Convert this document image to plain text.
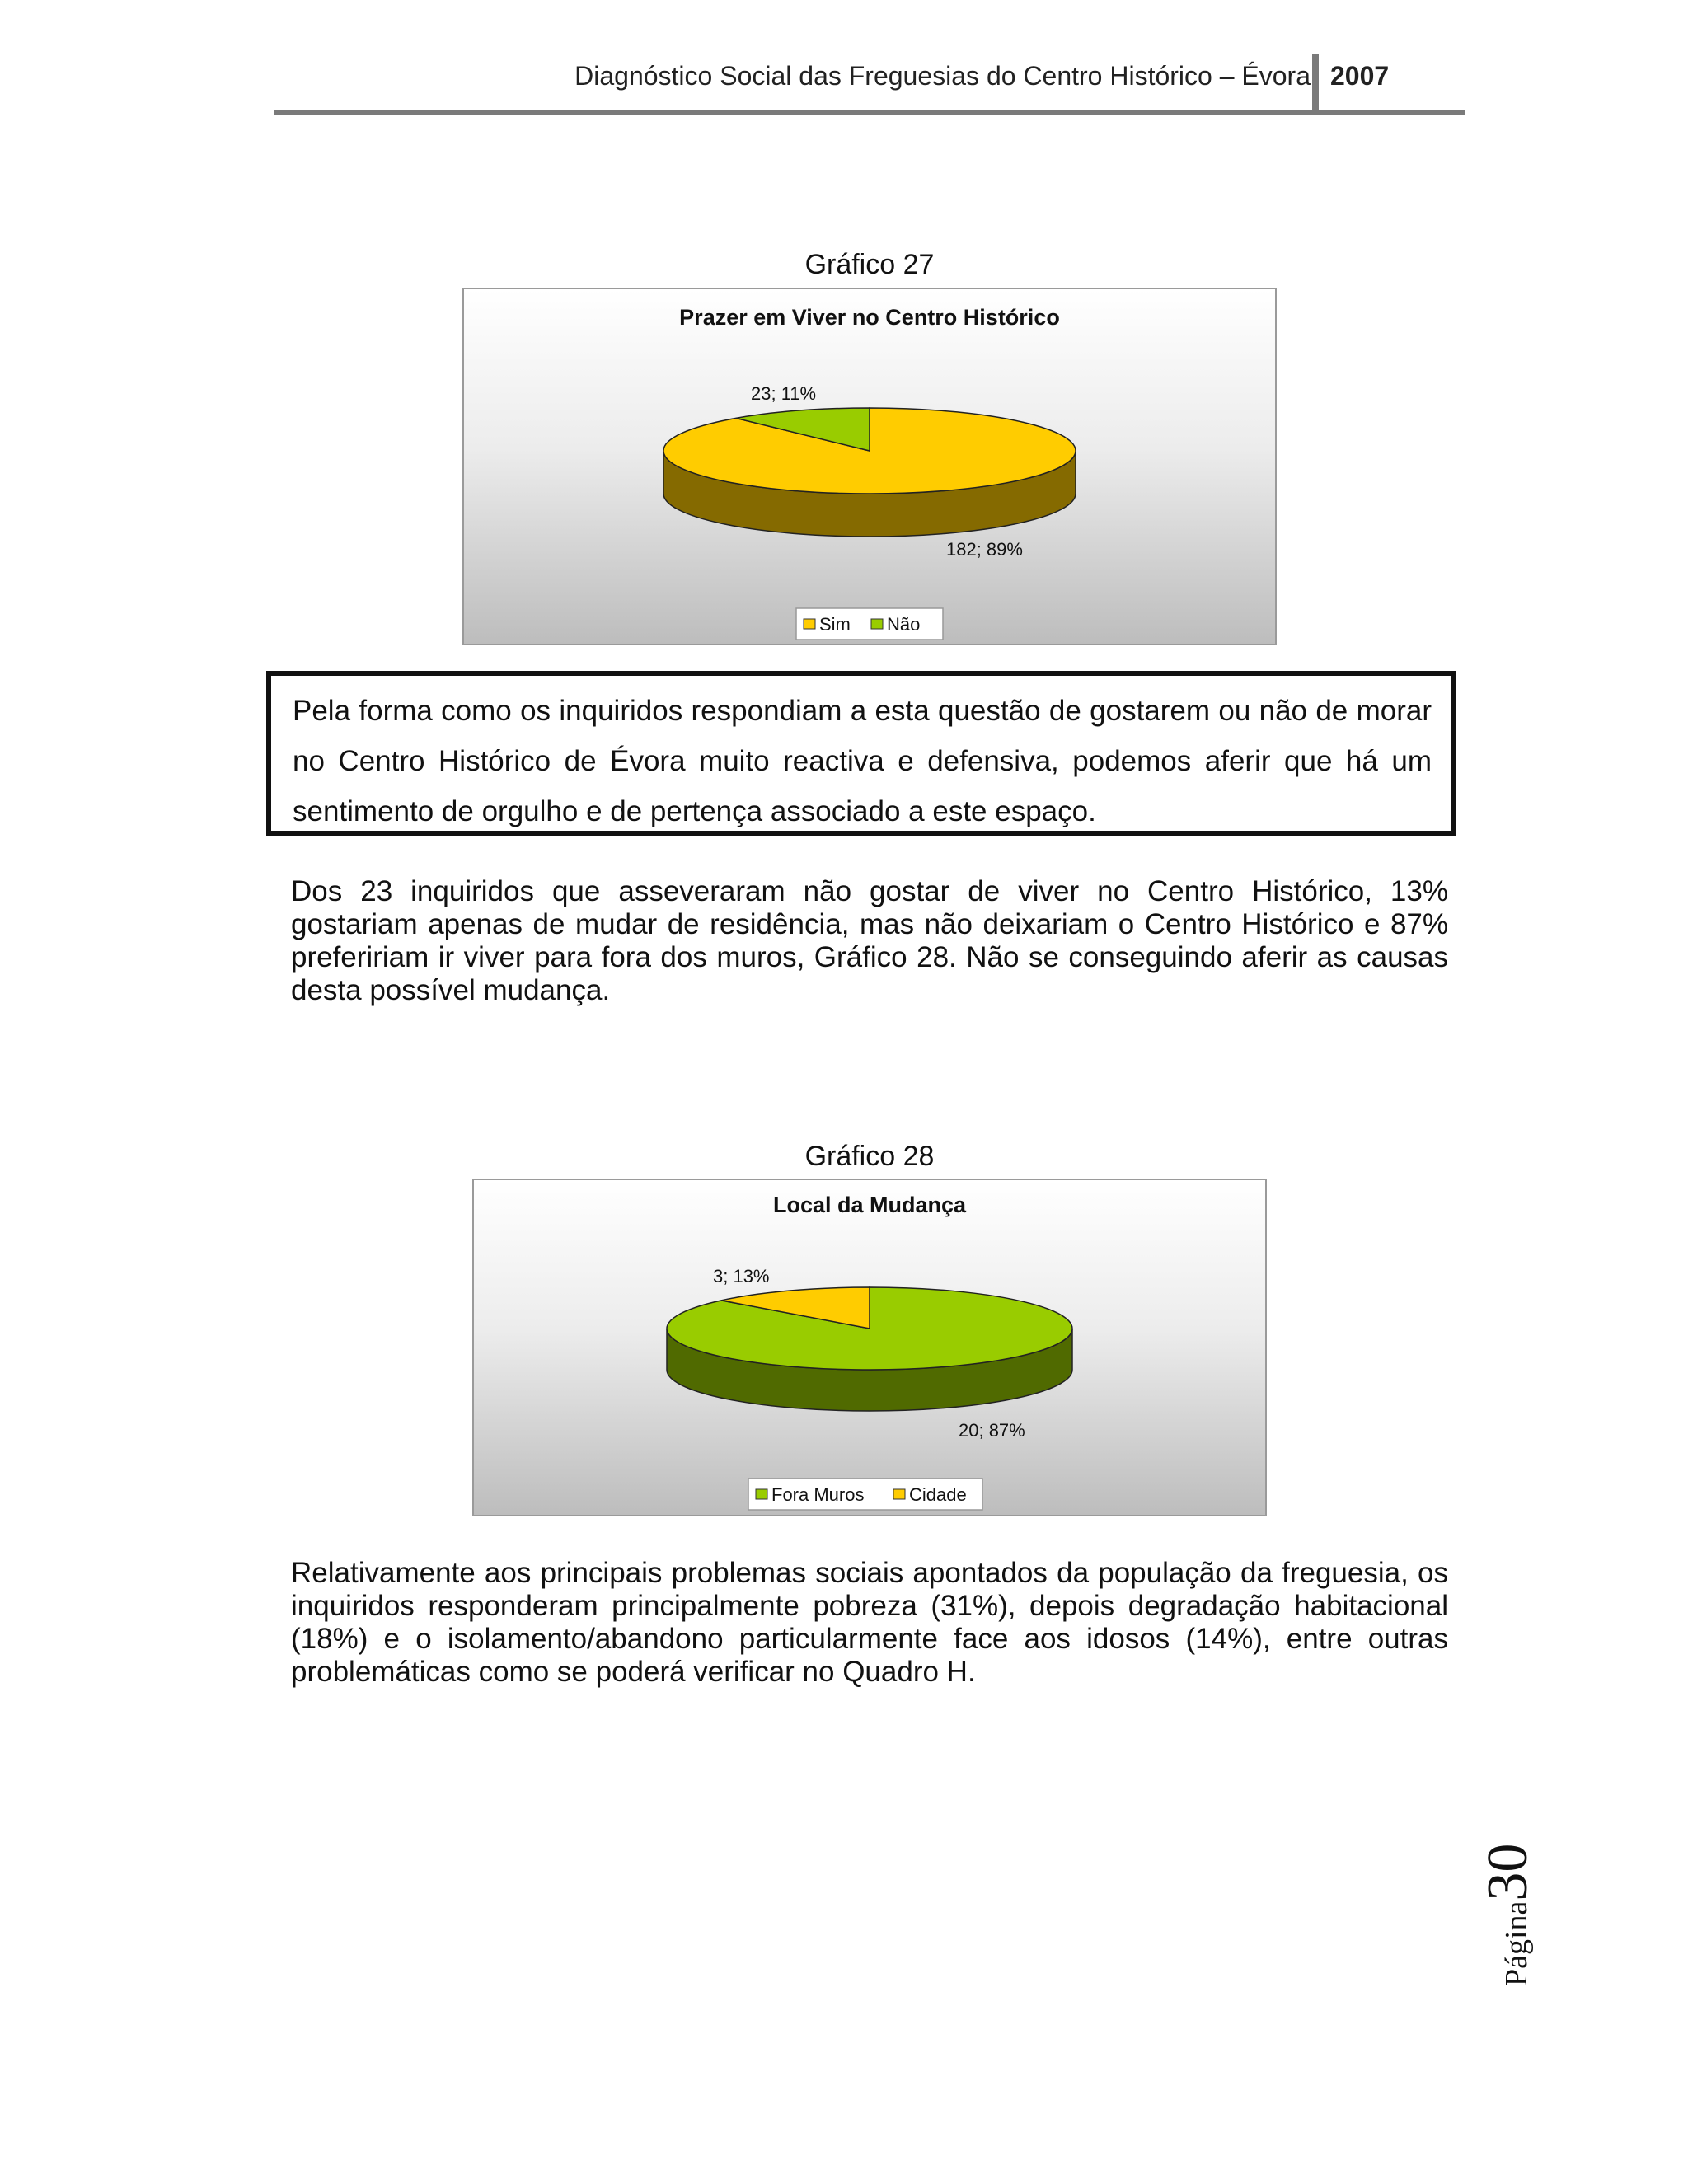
Diagnóstico Social das Freguesias do Centro Histórico – Évora 2007
Gráfico 27
Prazer em Viver no Centro Histórico
23; 11%
182; 89%
Sim Não

Pela forma como os inquiridos respondiam a esta questão de gostarem ou não de morar no Centro Histórico de Évora muito reactiva e defensiva, podemos aferir que há um sentimento de orgulho e de pertença associado a este espaço.

Dos 23 inquiridos que asseveraram não gostar de viver no Centro Histórico, 13% gostariam apenas de mudar de residência, mas não deixariam o Centro Histórico e 87% prefeririam ir viver para fora dos muros, Gráfico 28. Não se conseguindo aferir as causas desta possível mudança.

Gráfico 28
Local da Mudança
3; 13%
20; 87%
Fora Muros Cidade

Relativamente aos principais problemas sociais apontados da população da freguesia, os inquiridos responderam principalmente pobreza (31%), depois degradação habitacional (18%) e o isolamento/abandono particularmente face aos idosos (14%), entre outras problemáticas como se poderá verificar no Quadro H.

Página
30
